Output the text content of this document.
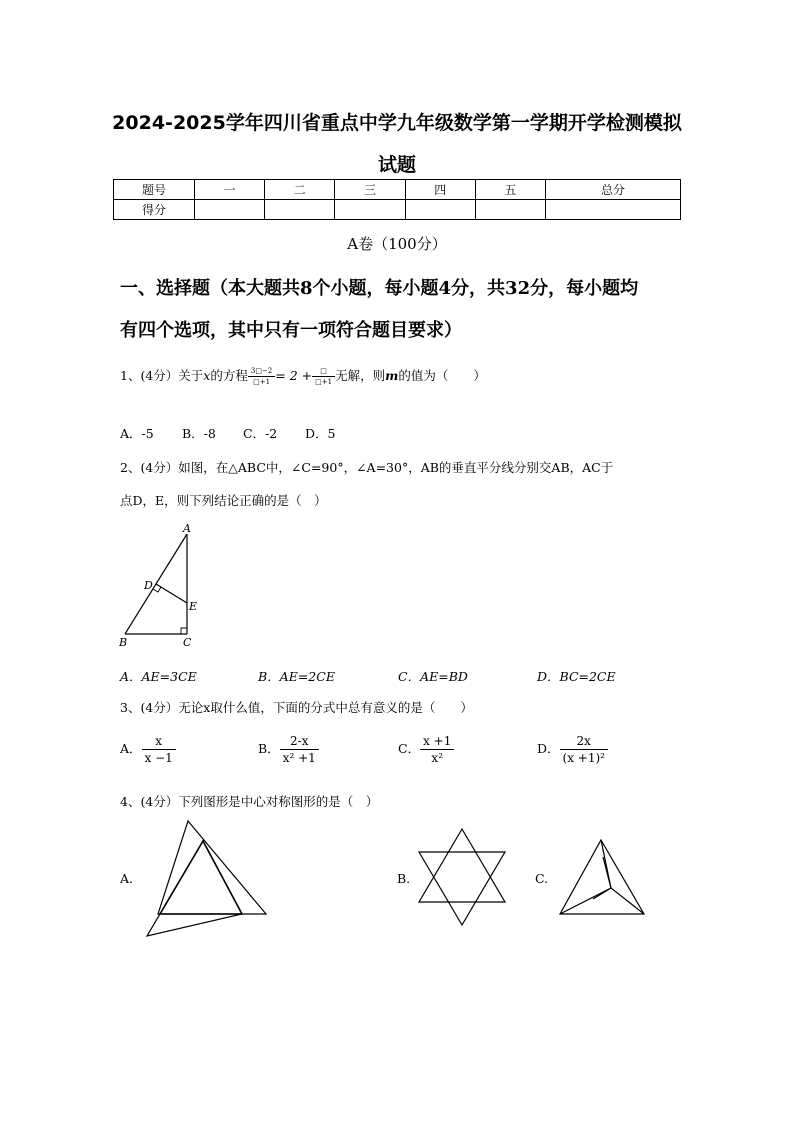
2024-2025学年四川省重点中学九年级数学第一学期开学检测模拟
试题
题号	一	二	三	四	五	总分
得分						
A卷（100分）
一、选择题（本大题共8个小题，每小题4分，共32分，每小题均
有四个选项，其中只有一项符合题目要求）
1、(4分）关于x的方程 $\frac{3□-2}{□+1} = 2 + \frac{□}{□+1}$ 无解，则m的值为（　　）
A．-5 B．-8 C．-2 D．5
2、(4分）如图，在△ABC中，∠C=90°，∠A=30°，AB的垂直平分线分别交AB，AC于
点D，E，则下列结论正确的是（　）
A
D
E
B	C
A．AE=3CE	B．AE=2CE	C．AE=BD	D．BC=2CE
3、(4分）无论x取什么值，下面的分式中总有意义的是（　　）
A． $\frac{x}{x -1}$	B． $\frac{2-x}{\text{x² +1}}$	C． $\frac{x +1}{\text{x²}}$	D． $\frac{2x}{\text{(x +1)²}}$
4、(4分）下列图形是中心对称图形的是（　）
A.	B.	C.
